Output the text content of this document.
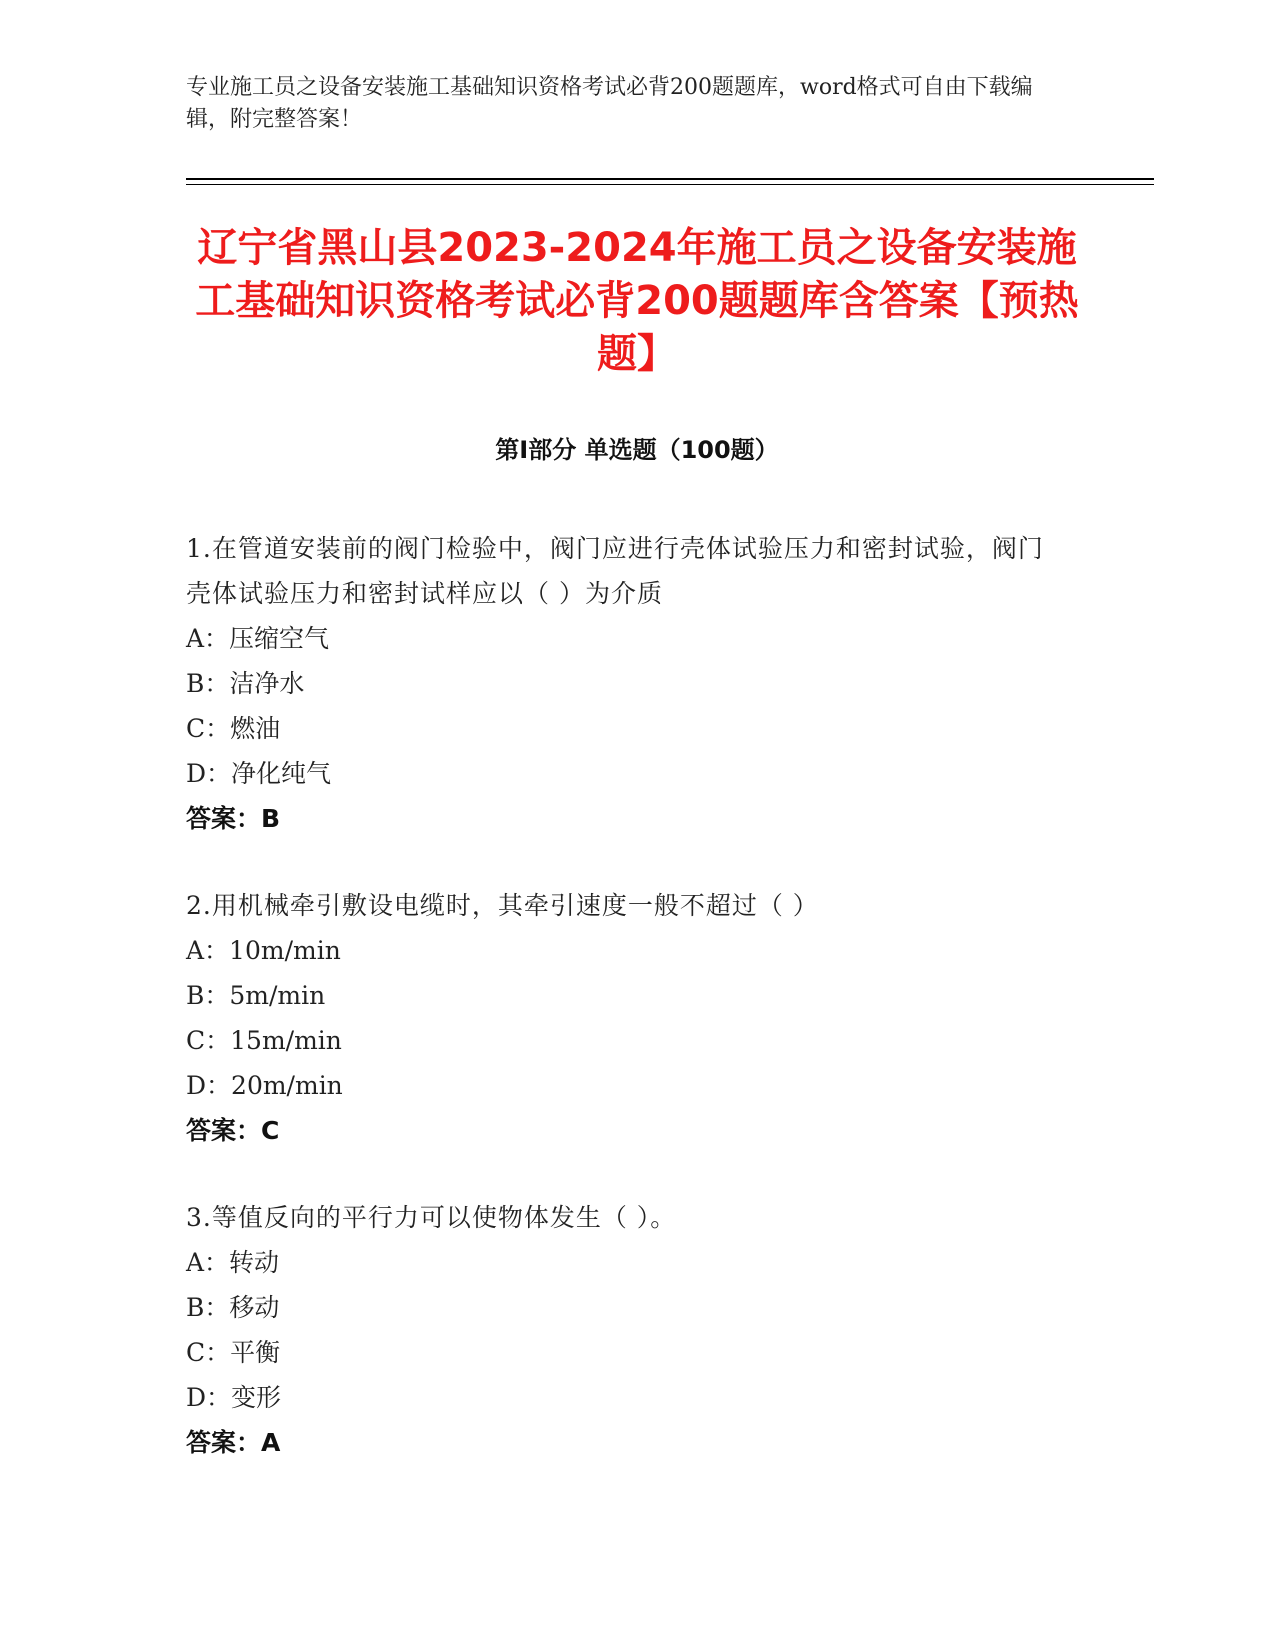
专业施工员之设备安装施工基础知识资格考试必背200题题库，word格式可自由下载编辑，附完整答案！
辽宁省黑山县2023-2024年施工员之设备安装施工基础知识资格考试必背200题题库含答案【预热题】
第I部分 单选题（100题）
1.在管道安装前的阀门检验中，阀门应进行壳体试验压力和密封试验，阀门壳体试验压力和密封试样应以（ ）为介质
A：压缩空气
B：洁净水
C：燃油
D：净化纯气
答案：B
2.用机械牵引敷设电缆时，其牵引速度一般不超过（ ）
A：10m/min
B：5m/min
C：15m/min
D：20m/min
答案：C
3.等值反向的平行力可以使物体发生（ ）。
A：转动
B：移动
C：平衡
D：变形
答案：A
